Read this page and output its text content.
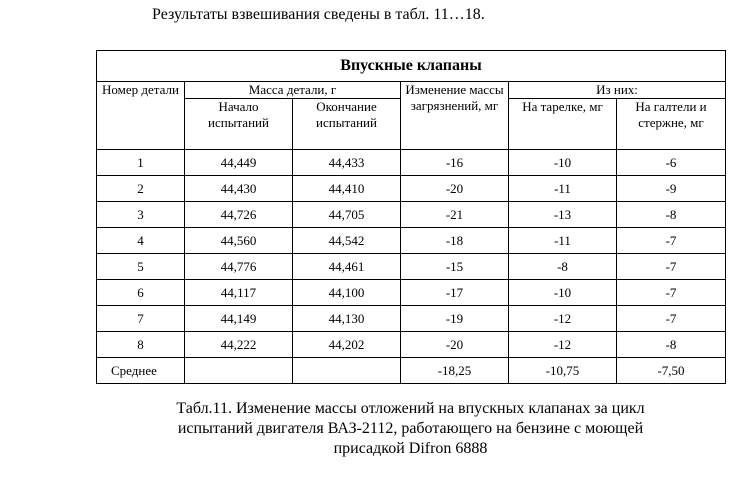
Результаты взвешивания сведены в табл. 11…18.
Впускные клапаны					
Номер детали	Масса детали, г		Изменение массы загрязнений, мг	Из них:	
	Начало испытаний	Окончание испытаний		На тарелке, мг	На галтели и стержне, мг
1	44,449	44,433	-16	-10	-6
2	44,430	44,410	-20	-11	-9
3	44,726	44,705	-21	-13	-8
4	44,560	44,542	-18	-11	-7
5	44,776	44,461	-15	-8	-7
6	44,117	44,100	-17	-10	-7
7	44,149	44,130	-19	-12	-7
8	44,222	44,202	-20	-12	-8
Среднее			-18,25	-10,75	-7,50
Табл.11. Изменение массы отложений на впускных клапанах за цикл
испытаний двигателя ВАЗ-2112, работающего на бензине с моющей
присадкой Difron 6888
